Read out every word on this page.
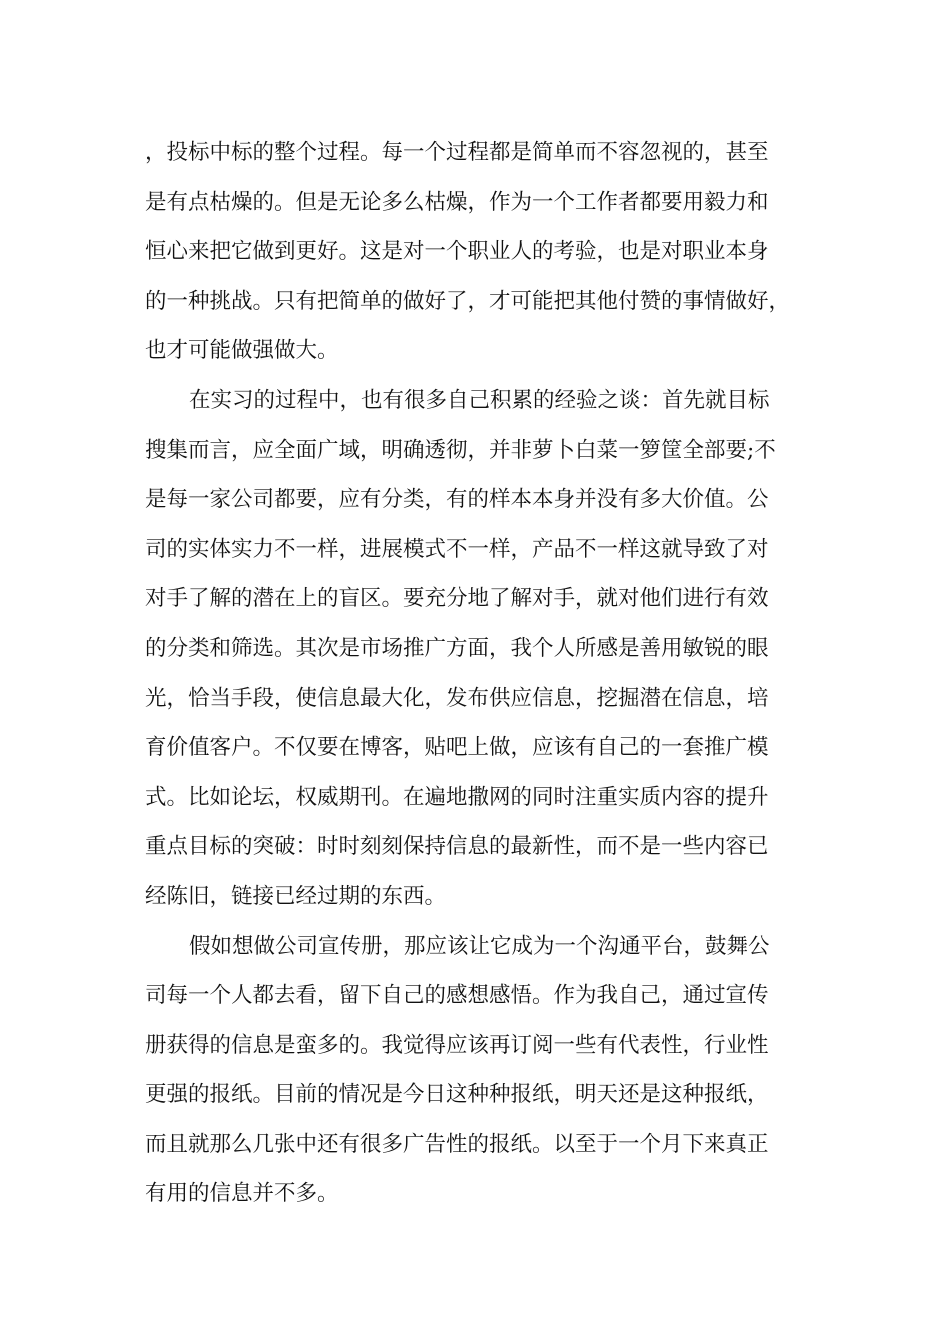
，投标中标的整个过程。每一个过程都是简单而不容忽视的，甚至
是有点枯燥的。但是无论多么枯燥，作为一个工作者都要用毅力和
恒心来把它做到更好。这是对一个职业人的考验，也是对职业本身
的一种挑战。只有把简单的做好了，才可能把其他付赞的事情做好，
也才可能做强做大。
在实习的过程中，也有很多自己积累的经验之谈：首先就目标
搜集而言，应全面广域，明确透彻，并非萝卜白菜一箩筐全部要;不
是每一家公司都要，应有分类，有的样本本身并没有多大价值。公
司的实体实力不一样，进展模式不一样，产品不一样这就导致了对
对手了解的潜在上的盲区。要充分地了解对手，就对他们进行有效
的分类和筛选。其次是市场推广方面，我个人所感是善用敏锐的眼
光，恰当手段，使信息最大化，发布供应信息，挖掘潜在信息，培
育价值客户。不仅要在博客，贴吧上做，应该有自己的一套推广模
式。比如论坛，权威期刊。在遍地撒网的同时注重实质内容的提升
重点目标的突破：时时刻刻保持信息的最新性，而不是一些内容已
经陈旧，链接已经过期的东西。
假如想做公司宣传册，那应该让它成为一个沟通平台，鼓舞公
司每一个人都去看，留下自己的感想感悟。作为我自己，通过宣传
册获得的信息是蛮多的。我觉得应该再订阅一些有代表性，行业性
更强的报纸。目前的情况是今日这种种报纸，明天还是这种报纸，
而且就那么几张中还有很多广告性的报纸。以至于一个月下来真正
有用的信息并不多。
